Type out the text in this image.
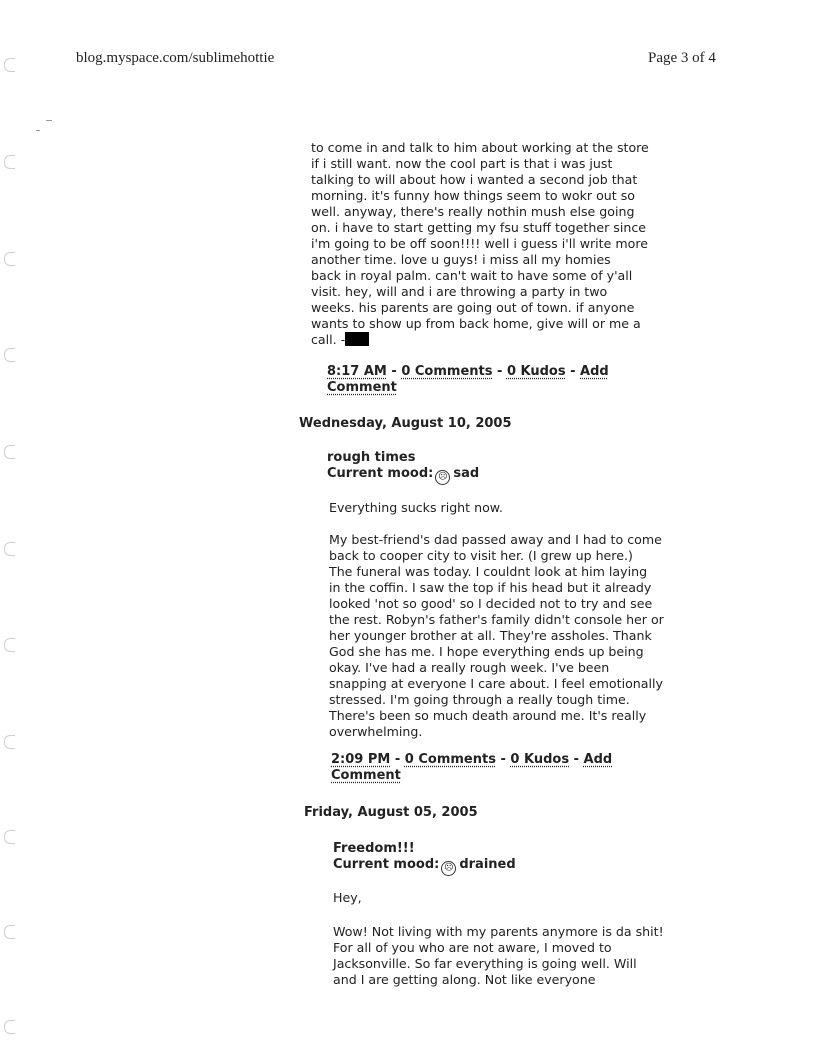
blog.myspace.com/sublimehottie	Page 3 of 4

to come in and talk to him about working at the store
if i still want. now the cool part is that i was just
talking to will about how i wanted a second job that
morning. it's funny how things seem to wokr out so
well. anyway, there's really nothin mush else going
on. i have to start getting my fsu stuff together since
i'm going to be off soon!!!! well i guess i'll write more
another time. love u guys! i miss all my homies
back in royal palm. can't wait to have some of y'all
visit. hey, will and i are throwing a party in two
weeks. his parents are going out of town. if anyone
wants to show up from back home, give will or me a

call. -

8:17 AM - 0 Comments - 0 Kudos - Add
Comment

Wednesday, August 10, 2005

rough times
Current mood: ☹ sad

Everything sucks right now.

My best-friend's dad passed away and I had to come
back to cooper city to visit her. (I grew up here.)
The funeral was today. I couldnt look at him laying
in the coffin. I saw the top if his head but it already
looked 'not so good' so I decided not to try and see
the rest. Robyn's father's family didn't console her or
her younger brother at all. They're assholes. Thank
God she has me. I hope everything ends up being
okay. I've had a really rough week. I've been
snapping at everyone I care about. I feel emotionally
stressed. I'm going through a really tough time.
There's been so much death around me. It's really
overwhelming.

2:09 PM - 0 Comments - 0 Kudos - Add
Comment

Friday, August 05, 2005

Freedom!!!
Current mood: ☹ drained

Hey,

Wow! Not living with my parents anymore is da shit!
For all of you who are not aware, I moved to
Jacksonville. So far everything is going well. Will
and I are getting along. Not like everyone
